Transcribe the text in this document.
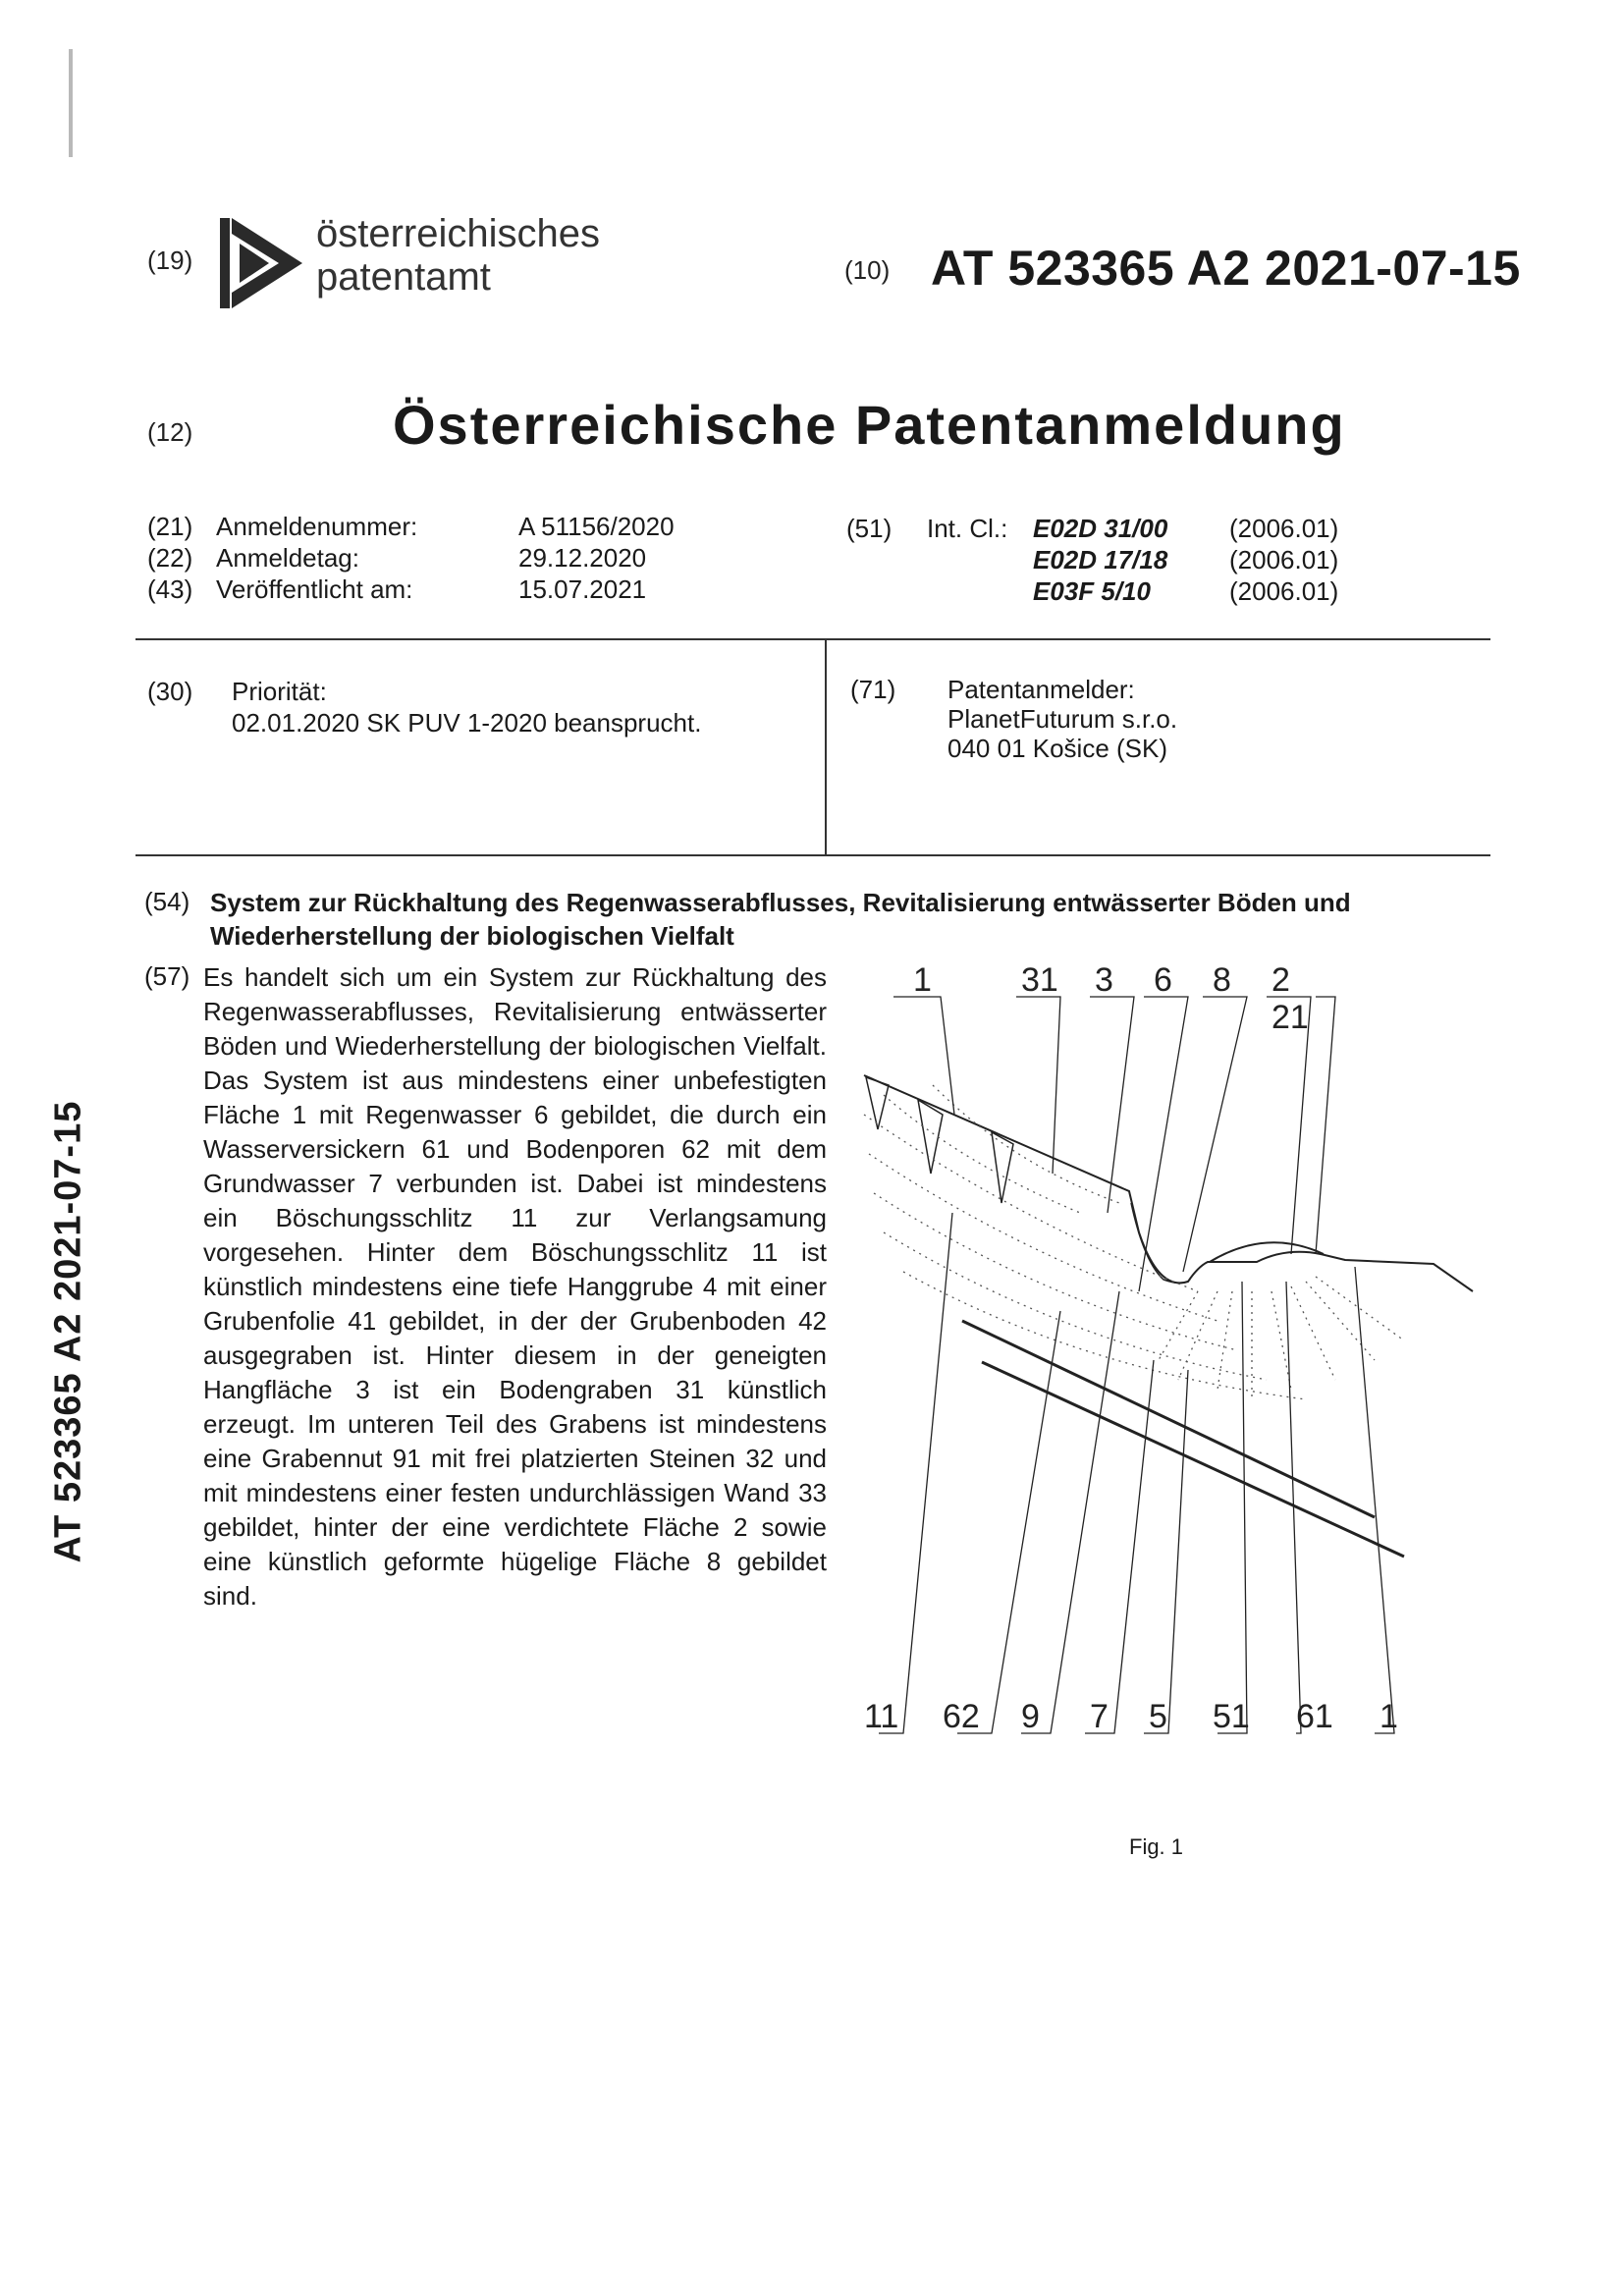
AT 523365 A2 2021-07-15
(19)
österreichisches
patentamt	(10) AT 523365 A2 2021-07-15
(12)	Österreichische Patentanmeldung
(21) Anmeldenummer:	A 51156/2020
(22) Anmeldetag:	29.12.2020
(43) Veröffentlicht am:	15.07.2021
(51) Int. Cl.: E02D 31/00 (2006.01)
E02D 17/18 (2006.01)
E03F 5/10	(2006.01)
(30) Priorität:
02.01.2020 SK PUV 1-2020 beansprucht.
(71) Patentanmelder:
PlanetFuturum s.r.o.
040 01 Košice (SK)
(54) System zur Rückhaltung des Regenwasserabflusses, Revitalisierung entwässerter Böden und
Wiederherstellung der biologischen Vielfalt
(57) Es handelt sich um ein System zur Rückhaltung des Regenwasserabflusses, Revitalisierung entwässerter Böden und Wiederherstellung der biologischen Vielfalt. Das System ist aus mindestens einer unbefestigten Fläche 1 mit Regenwasser 6 gebildet, die durch ein Wasserversickern 61 und Bodenporen 62 mit dem Grundwasser 7 verbunden ist. Dabei ist mindestens ein Böschungsschlitz 11 zur Verlangsamung vorgesehen. Hinter dem Böschungsschlitz 11 ist künstlich mindestens eine tiefe Hanggrube 4 mit einer Grubenfolie 41 gebildet, in der der Grubenboden 42 ausgegraben ist. Hinter diesem in der geneigten Hangfläche 3 ist ein Bodengraben 31 künstlich erzeugt. Im unteren Teil des Grabens ist mindestens eine Grabennut 91 mit frei platzierten Steinen 32 und mit mindestens einer festen undurchlässigen Wand 33 gebildet, hinter der eine verdichtete Fläche 2 sowie eine künstlich geformte hügelige Fläche 8 gebildet sind.
1	31 3 6 8 2
21
11 62 9 7 5 51 61 1
Fig. 1
